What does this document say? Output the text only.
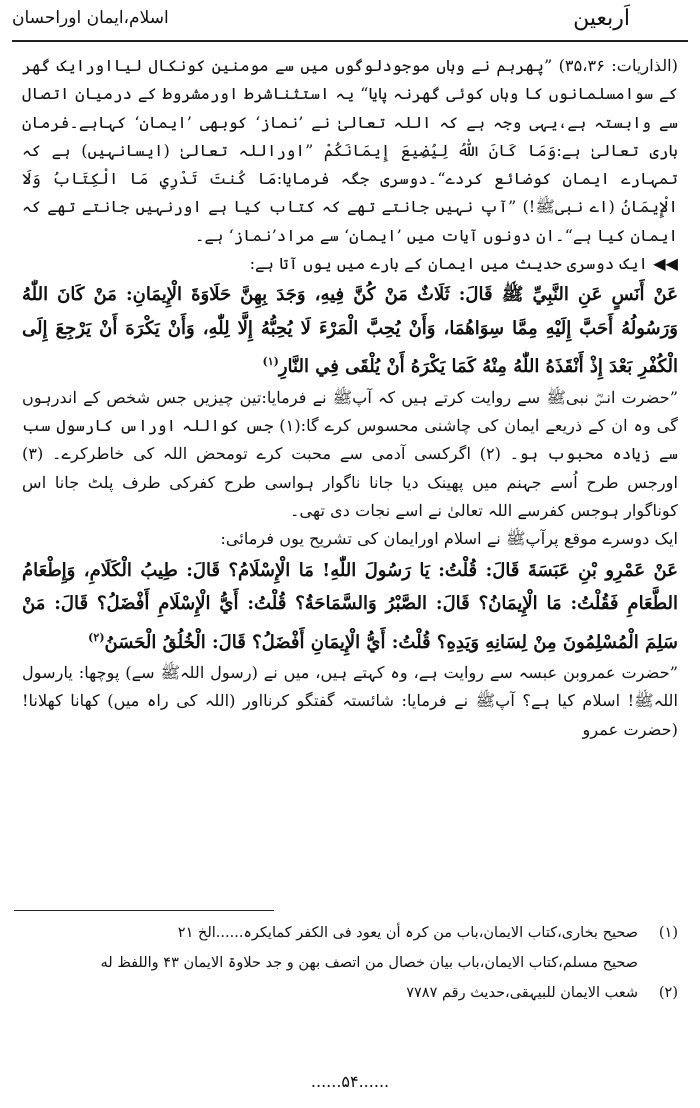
اَربعین
اسلام،ایمان اوراحسان

(الذاریات: ۳۵،۳۶) ”پھرہم نے وہاں موجودلوگوں میں سے مومنین کونکال لیااورایک گھر کے سوامسلمانوں کا وہاں کوئی گھرنہ پایا“ یہ استثناشرط اورمشروط کے درمیان اتصال سے وابستہ ہے،یہی وجہ ہے کہ اللہ تعالیٰ نے ’نماز‘ کوبھی ’ایمان‘ کہاہے۔فرمان باری تعالیٰ ہے:وَمَا كَانَ اللّٰهُ لِيُضِيعَ إِيمَانَكُمْ ”اوراللہ تعالیٰ (ایسانہیں) ہے کہ تمہارے ایمان کوضائع کردے“۔دوسری جگہ فرمایا:مَا كُنتَ تَدْرِي مَا الْكِتَابُ وَلَا الْإِيمَانُ (اے نبیﷺ!) ”آپ نہیں جانتے تھے کہ کتاب کیا ہے اورنہیں جانتے تھے کہ ایمان کیا ہے“۔ان دونوں آیات میں ’ایمان‘ سے مراد’نماز‘ ہے۔

◀◀ ایک دوسری حدیث میں ایمان کے بارے میں یوں آتا ہے:

عَنْ أَنَسٍ عَنِ النَّبِيِّ ﷺ قَالَ: ثَلَاثٌ مَنْ كُنَّ فِيهِ، وَجَدَ بِهِنَّ حَلَاوَةَ الْإِيمَانِ: مَنْ كَانَ اللّٰهُ وَرَسُولُهُ أَحَبَّ إِلَيْهِ مِمَّا سِوَاهُمَا، وَأَنْ يُحِبَّ الْمَرْءَ لَا يُحِبُّهُ إِلَّا لِلّٰهِ، وَأَنْ يَكْرَهَ أَنْ يَرْجِعَ إِلَى الْكُفْرِ بَعْدَ إِذْ أَنْقَذَهُ اللّٰهُ مِنْهُ كَمَا يَكْرَهُ أَنْ يُلْقَى فِي النَّارِ$^{(۱)}$

”حضرت انسؓ نبیﷺ سے روایت کرتے ہیں کہ آپﷺ نے فرمایا:تین چیزیں جس شخص کے اندرہوں گی وہ ان کے ذریعے ایمان کی چاشنی محسوس کرے گا:(۱) جس کواللہ اوراس کارسول سب سے زیادہ محبوب ہو۔ (۲) اگرکسی آدمی سے محبت کرے تومحض اللہ کی خاطرکرے۔ (۳) اورجس طرح اُسے جہنم میں پھینک دیا جانا ناگوار ہواسی طرح کفرکی طرف پلٹ جانا اس کوناگوار ہوجس کفرسے اللہ تعالیٰ نے اسے نجات دی تھی۔

ایک دوسرے موقع پرآپﷺ نے اسلام اورایمان کی تشریح یوں فرمائی:

عَنْ عَمْرِو بْنِ عَبَسَةَ قَالَ: قُلْتُ: يَا رَسُولَ اللّٰهِ! مَا الْإِسْلَامُ؟ قَالَ: طِيبُ الْكَلَامِ، وَإِطْعَامُ الطَّعَامِ فَقُلْتُ: مَا الْإِيمَانُ؟ قَالَ: الصَّبْرُ وَالسَّمَاحَةُ؟ قُلْتُ: أَيُّ الْإِسْلَامِ أَفْضَلُ؟ قَالَ: مَنْ سَلِمَ الْمُسْلِمُونَ مِنْ لِسَانِهِ وَيَدِهِ؟ قُلْتُ: أَيُّ الْإِيمَانِ أَفْضَلُ؟ قَالَ: الْخُلُقُ الْحَسَنُ$^{(۲)}$

”حضرت عمروبن عبسہ سے روایت ہے، وہ کہتے ہیں، میں نے (رسول اللہﷺ سے) پوچھا: یارسول اللہﷺ! اسلام کیا ہے؟ آپﷺ نے فرمایا: شائستہ گفتگو کرنااور (اللہ کی راہ میں) کھانا کھلانا! (حضرت عمرو

(۱)
صحیح بخاری،کتاب الایمان،باب من کرہ أن یعود فی الکفر کمایکرہ......الخ ۲۱
صحیح مسلم،کتاب الایمان،باب بیان خصال من اتصف بھن و جد حلاوۃ الایمان ۴۳ واللفظ له
(۲)
شعب الایمان للبیہقی،حدیث رقم ۷۷۸۷
......۵۴......
